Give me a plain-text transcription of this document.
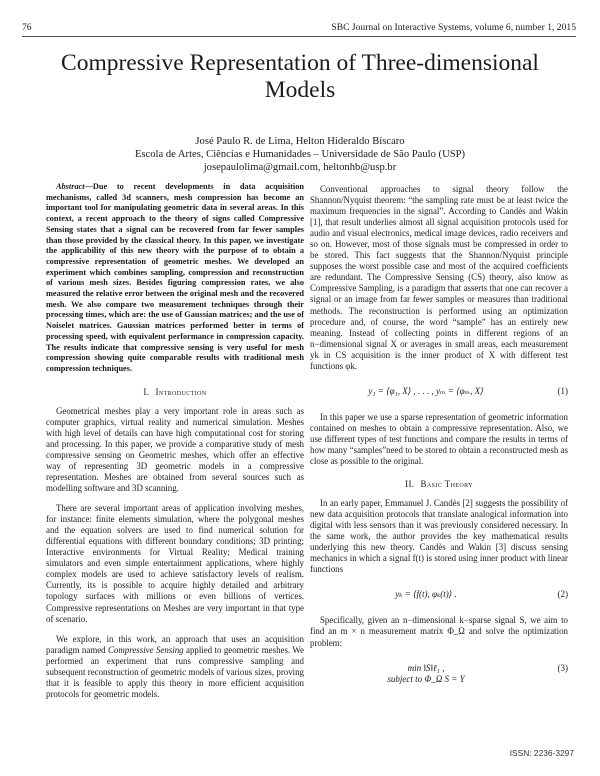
76	SBC Journal on Interactive Systems, volume 6, number 1, 2015
Compressive Representation of Three-dimensional
Models
José Paulo R. de Lima, Helton Hideraldo Bíscaro
Escola de Artes, Ciências e Humanidades – Universidade de São Paulo (USP)
josepaulolima@gmail.com, heltonhb@usp.br

Abstract—Due to recent developments in data acquisition mechanisms, called 3d scanners, mesh compression has become an important tool for manipulating geometric data in several areas. In this context, a recent approach to the theory of signs called Compressive Sensing states that a signal can be recovered from far fewer samples than those provided by the classical theory. In this paper, we investigate the applicability of this new theory with the purpose of to obtain a compressive representation of geometric meshes. We developed an experiment which combines sampling, compression and reconstruction of various mesh sizes. Besides figuring compression rates, we also measured the relative error between the original mesh and the recovered mesh. We also compare two measurement techniques through their processing times, which are: the use of Gaussian matrices; and the use of Noiselet matrices. Gaussian matrices performed better in terms of processing speed, with equivalent performance in compression capacity. The results indicate that compressive sensing is very useful for mesh compression showing quite comparable results with traditional mesh compression techniques.

I. Introduction

Geometrical meshes play a very important role in areas such as computer graphics, virtual reality and numerical simulation. Meshes with high level of details can have high computational cost for storing and processing. In this paper, we provide a comparative study of mesh compressive sensing on Geometric meshes, which offer an effective way of representing 3D geometric models in a compressive representation. Meshes are obtained from several sources such as modelling software and 3D scanning.

There are several important areas of application involving meshes, for instance: finite elements simulation, where the polygonal meshes and the equation solvers are used to find numerical solution for differential equations with different boundary conditions; 3D printing; Interactive environments for Virtual Reality; Medical training simulators and even simple entertainment applications, where highly complex models are used to achieve satisfactory levels of realism. Currently, its is possible to acquire highly detailed and arbitrary topology surfaces with millions or even billions of vertices. Compressive representations on Meshes are very important in that type of scenario.

We explore, in this work, an approach that uses an acquisition paradigm named Compressive Sensing applied to geometric meshes. We performed an experiment that runs compressive sampling and subsequent reconstruction of geometric models of various sizes, proving that it is feasible to apply this theory in more efficient acquisition protocols for geometric models.

Conventional approaches to signal theory follow the Shannon/Nyquist theorem: “the sampling rate must be at least twice the maximum frequencies in the signal”. According to Candès and Wakin [1], that result underlies almost all signal acquisition protocols used for audio and visual electronics, medical image devices, radio receivers and so on. However, most of those signals must be compressed in order to be stored. This fact suggests that the Shannon/Nyquist principle supposes the worst possible case and most of the acquired coefficients are redundant. The Compressive Sensing (CS) theory, also know as Compressive Sampling, is a paradigm that asserts that one can recover a signal or an image from far fewer samples or measures than traditional methods. The reconstruction is performed using an optimization procedure and, of course, the word “sample” has an entirely new meaning. Instead of collecting points in different regions of an n−dimensional signal X or averages in small areas, each measurement yk in CS acquisition is the inner product of X with different test functions φk.

y₁ = ⟨φ₁, X⟩ , . . . , yₘ = ⟨φₘ, X⟩	(1)

In this paper we use a sparse representation of geometric information contained on meshes to obtain a compressive representation. Also, we use different types of test functions and compare the results in terms of how many “samples”need to be stored to obtain a reconstructed mesh as close as possible to the original.

II. Basic Theory

In an early paper, Emmanuel J. Candès [2] suggests the possibility of new data acquisition protocols that translate analogical information into digital with less sensors than it was previously considered necessary. In the same work, the author provides the key mathematical results underlying this new theory. Candès and Wakin [3] discuss sensing mechanics in which a signal f(t) is stored using inner product with linear functions

yₖ = ⟨f(t), φₖ(t)⟩ .	(2)

Specifically, given an n−dimensional k−sparse signal S, we aim to find an m × n measurement matrix Φ_Ω and solve the optimization problem:

min ‖S‖ℓ₁ ,
subject to Φ_Ω S = Y
(3)
ISSN: 2236-3297
